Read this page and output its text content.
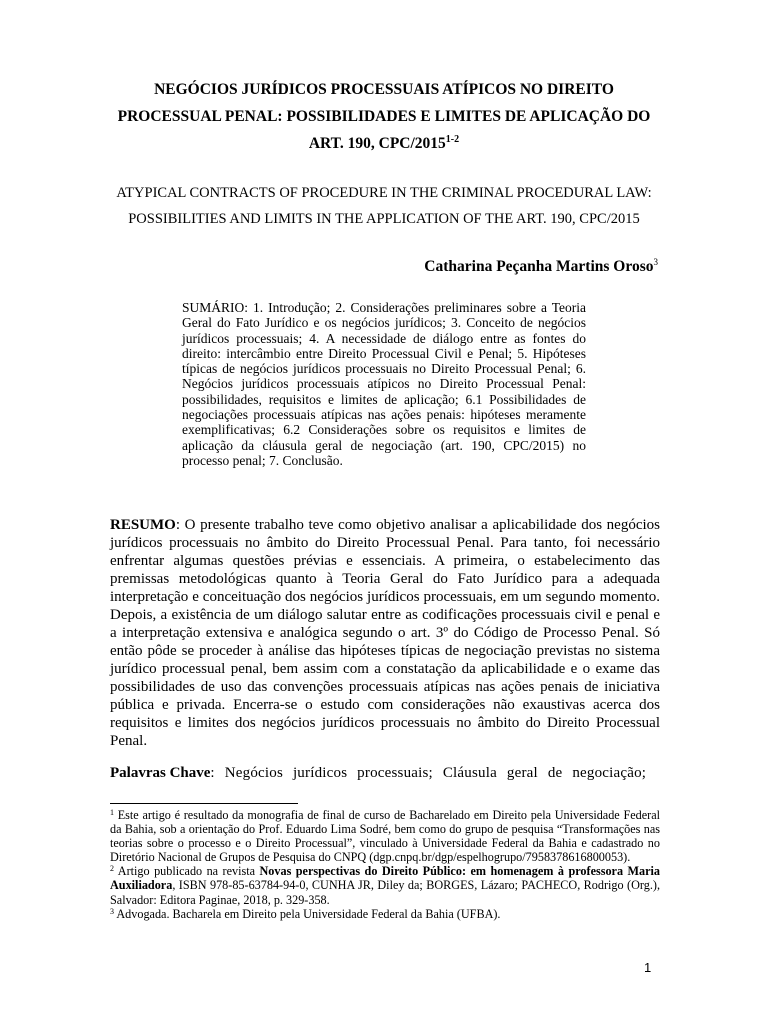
NEGÓCIOS JURÍDICOS PROCESSUAIS ATÍPICOS NO DIREITO PROCESSUAL PENAL: POSSIBILIDADES E LIMITES DE APLICAÇÃO DO ART. 190, CPC/2015$^{1-2}$

ATYPICAL CONTRACTS OF PROCEDURE IN THE CRIMINAL PROCEDURAL LAW: POSSIBILITIES AND LIMITS IN THE APPLICATION OF THE ART. 190, CPC/2015

Catharina Peçanha Martins Oroso$^3$

SUMÁRIO: 1. Introdução; 2. Considerações preliminares sobre a Teoria Geral do Fato Jurídico e os negócios jurídicos; 3. Conceito de negócios jurídicos processuais; 4. A necessidade de diálogo entre as fontes do direito: intercâmbio entre Direito Processual Civil e Penal; 5. Hipóteses típicas de negócios jurídicos processuais no Direito Processual Penal; 6. Negócios jurídicos processuais atípicos no Direito Processual Penal: possibilidades, requisitos e limites de aplicação; 6.1 Possibilidades de negociações processuais atípicas nas ações penais: hipóteses meramente exemplificativas; 6.2 Considerações sobre os requisitos e limites de aplicação da cláusula geral de negociação (art. 190, CPC/2015) no processo penal; 7. Conclusão.

RESUMO: O presente trabalho teve como objetivo analisar a aplicabilidade dos negócios jurídicos processuais no âmbito do Direito Processual Penal. Para tanto, foi necessário enfrentar algumas questões prévias e essenciais. A primeira, o estabelecimento das premissas metodológicas quanto à Teoria Geral do Fato Jurídico para a adequada interpretação e conceituação dos negócios jurídicos processuais, em um segundo momento. Depois, a existência de um diálogo salutar entre as codificações processuais civil e penal e a interpretação extensiva e analógica segundo o art. 3º do Código de Processo Penal. Só então pôde se proceder à análise das hipóteses típicas de negociação previstas no sistema jurídico processual penal, bem assim com a constatação da aplicabilidade e o exame das possibilidades de uso das convenções processuais atípicas nas ações penais de iniciativa pública e privada. Encerra-se o estudo com considerações não exaustivas acerca dos requisitos e limites dos negócios jurídicos processuais no âmbito do Direito Processual Penal.

Palavras Chave: Negócios jurídicos processuais; Cláusula geral de negociação;

$^1$ Este artigo é resultado da monografia de final de curso de Bacharelado em Direito pela Universidade Federal da Bahia, sob a orientação do Prof. Eduardo Lima Sodré, bem como do grupo de pesquisa “Transformações nas teorias sobre o processo e o Direito Processual”, vinculado à Universidade Federal da Bahia e cadastrado no Diretório Nacional de Grupos de Pesquisa do CNPQ (dgp.cnpq.br/dgp/espelhogrupo/7958378616800053).

$^2$ Artigo publicado na revista Novas perspectivas do Direito Público: em homenagem à professora Maria Auxiliadora, ISBN 978-85-63784-94-0, CUNHA JR, Diley da; BORGES, Lázaro; PACHECO, Rodrigo (Org.), Salvador: Editora Paginae, 2018, p. 329-358.

$^3$ Advogada. Bacharela em Direito pela Universidade Federal da Bahia (UFBA).

1
